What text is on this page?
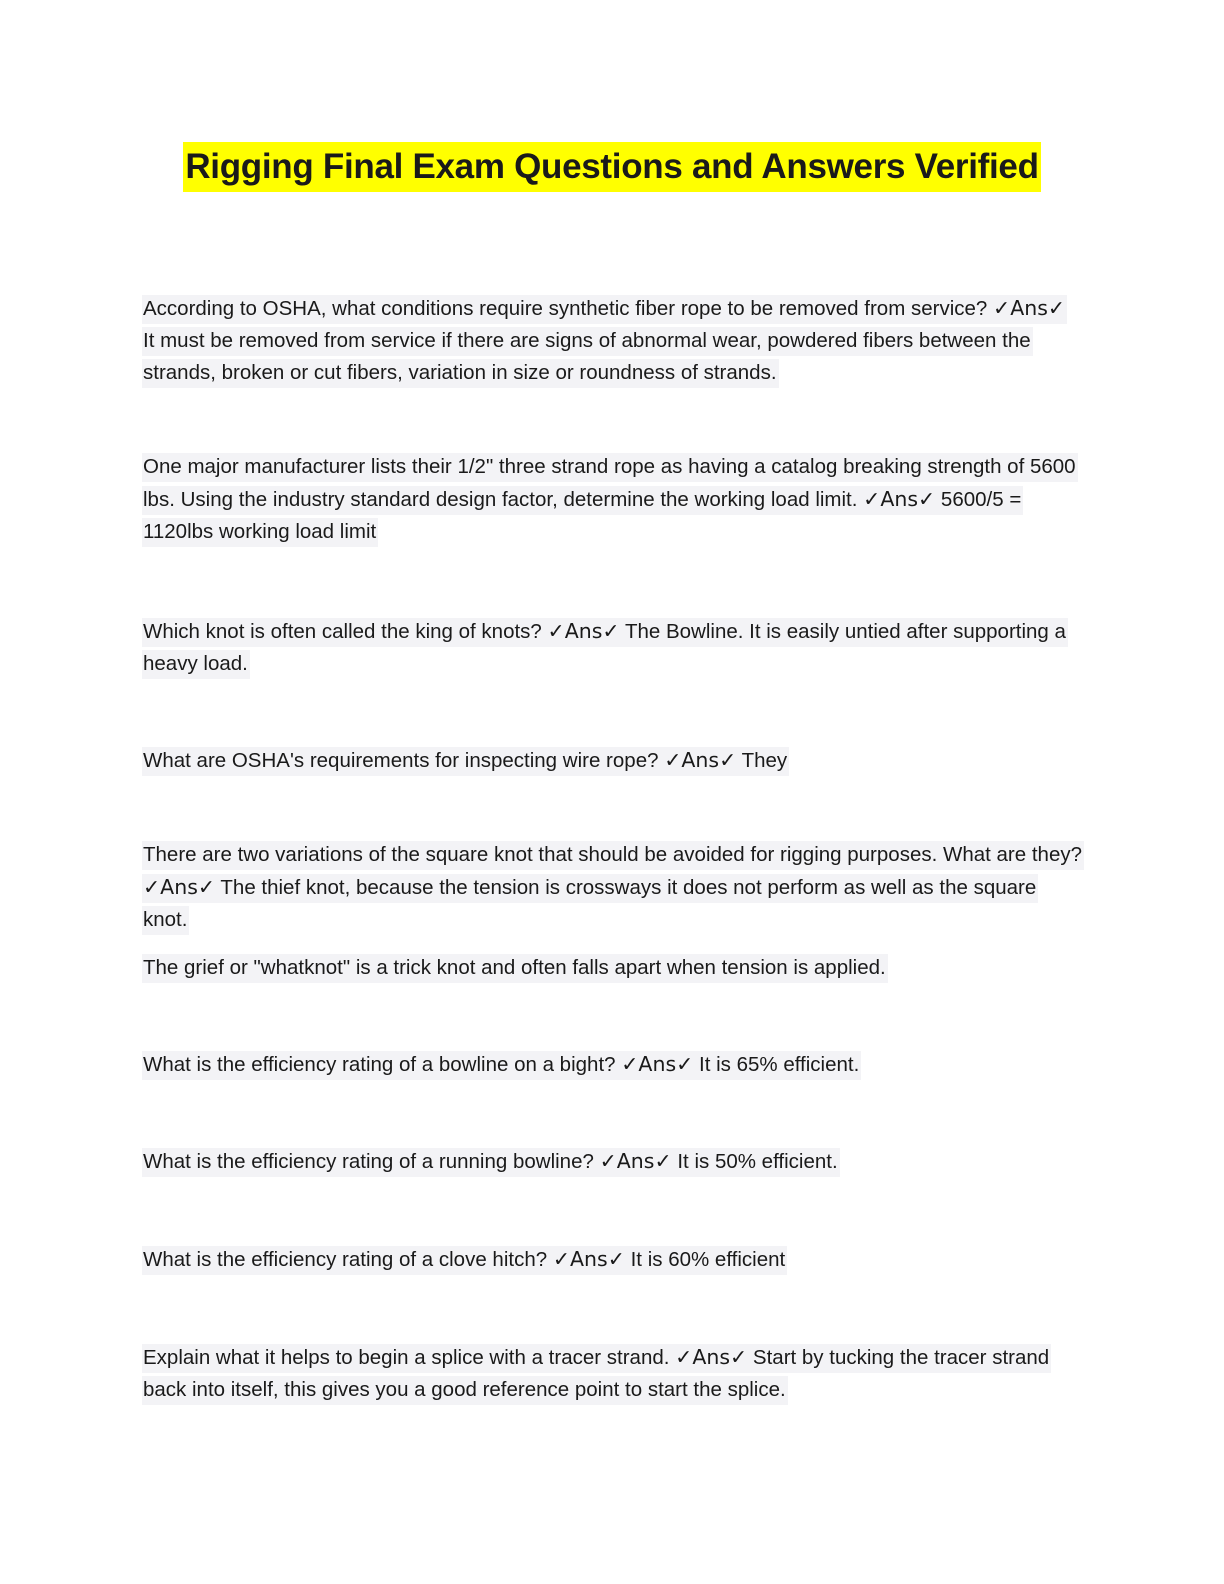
Rigging Final Exam Questions and Answers Verified
According to OSHA, what conditions require synthetic fiber rope to be removed from service? ✓Ans✓ It must be removed from service if there are signs of abnormal wear, powdered fibers between the strands, broken or cut fibers, variation in size or roundness of strands.
One major manufacturer lists their 1/2" three strand rope as having a catalog breaking strength of 5600 lbs. Using the industry standard design factor, determine the working load limit. ✓Ans✓ 5600/5 = 1120lbs working load limit
Which knot is often called the king of knots? ✓Ans✓ The Bowline. It is easily untied after supporting a heavy load.
What are OSHA's requirements for inspecting wire rope? ✓Ans✓ They
There are two variations of the square knot that should be avoided for rigging purposes. What are they? ✓Ans✓ The thief knot, because the tension is crossways it does not perform as well as the square knot.
The grief or "whatknot" is a trick knot and often falls apart when tension is applied.
What is the efficiency rating of a bowline on a bight? ✓Ans✓ It is 65% efficient.
What is the efficiency rating of a running bowline? ✓Ans✓ It is 50% efficient.
What is the efficiency rating of a clove hitch? ✓Ans✓ It is 60% efficient
Explain what it helps to begin a splice with a tracer strand. ✓Ans✓ Start by tucking the tracer strand back into itself, this gives you a good reference point to start the splice.
